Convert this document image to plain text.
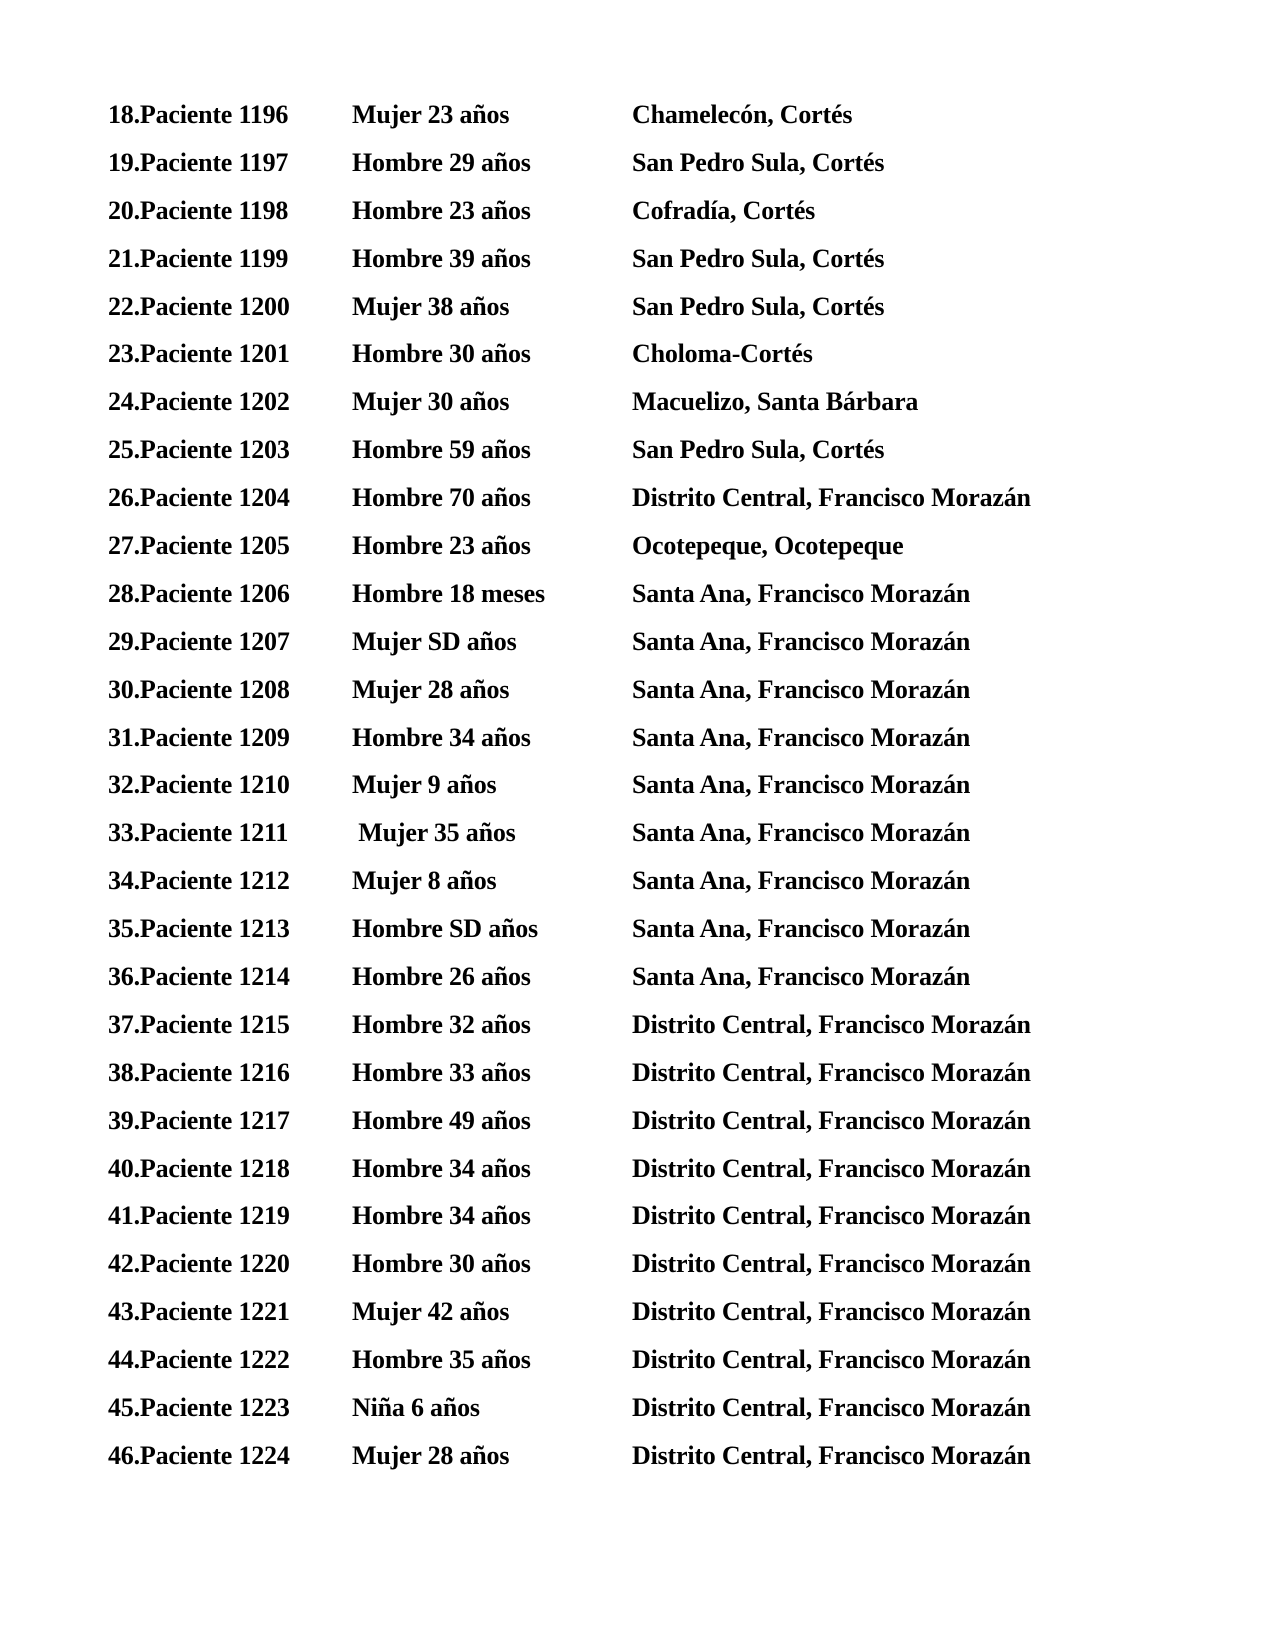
18.Paciente 1196 Mujer 23 años	Chamelecón, Cortés
19.Paciente 1197 Hombre 29 años	San Pedro Sula, Cortés
20.Paciente 1198 Hombre 23 años	Cofradía, Cortés
21.Paciente 1199 Hombre 39 años	San Pedro Sula, Cortés
22.Paciente 1200 Mujer 38 años	San Pedro Sula, Cortés
23.Paciente 1201 Hombre 30 años	Choloma-Cortés
24.Paciente 1202 Mujer 30 años	Macuelizo, Santa Bárbara
25.Paciente 1203 Hombre 59 años	San Pedro Sula, Cortés
26.Paciente 1204 Hombre 70 años	Distrito Central, Francisco Morazán
27.Paciente 1205 Hombre 23 años	Ocotepeque, Ocotepeque
28.Paciente 1206 Hombre 18 meses	Santa Ana, Francisco Morazán
29.Paciente 1207 Mujer SD años	Santa Ana, Francisco Morazán
30.Paciente 1208 Mujer 28 años	Santa Ana, Francisco Morazán
31.Paciente 1209 Hombre 34 años	Santa Ana, Francisco Morazán
32.Paciente 1210 Mujer 9 años	Santa Ana, Francisco Morazán
33.Paciente 1211 Mujer 35 años	Santa Ana, Francisco Morazán
34.Paciente 1212 Mujer 8 años	Santa Ana, Francisco Morazán
35.Paciente 1213 Hombre SD años	Santa Ana, Francisco Morazán
36.Paciente 1214 Hombre 26 años	Santa Ana, Francisco Morazán
37.Paciente 1215 Hombre 32 años	Distrito Central, Francisco Morazán
38.Paciente 1216 Hombre 33 años	Distrito Central, Francisco Morazán
39.Paciente 1217 Hombre 49 años	Distrito Central, Francisco Morazán
40.Paciente 1218 Hombre 34 años	Distrito Central, Francisco Morazán
41.Paciente 1219 Hombre 34 años	Distrito Central, Francisco Morazán
42.Paciente 1220 Hombre 30 años	Distrito Central, Francisco Morazán
43.Paciente 1221 Mujer 42 años	Distrito Central, Francisco Morazán
44.Paciente 1222 Hombre 35 años	Distrito Central, Francisco Morazán
45.Paciente 1223 Niña 6 años	Distrito Central, Francisco Morazán
46.Paciente 1224 Mujer 28 años	Distrito Central, Francisco Morazán
